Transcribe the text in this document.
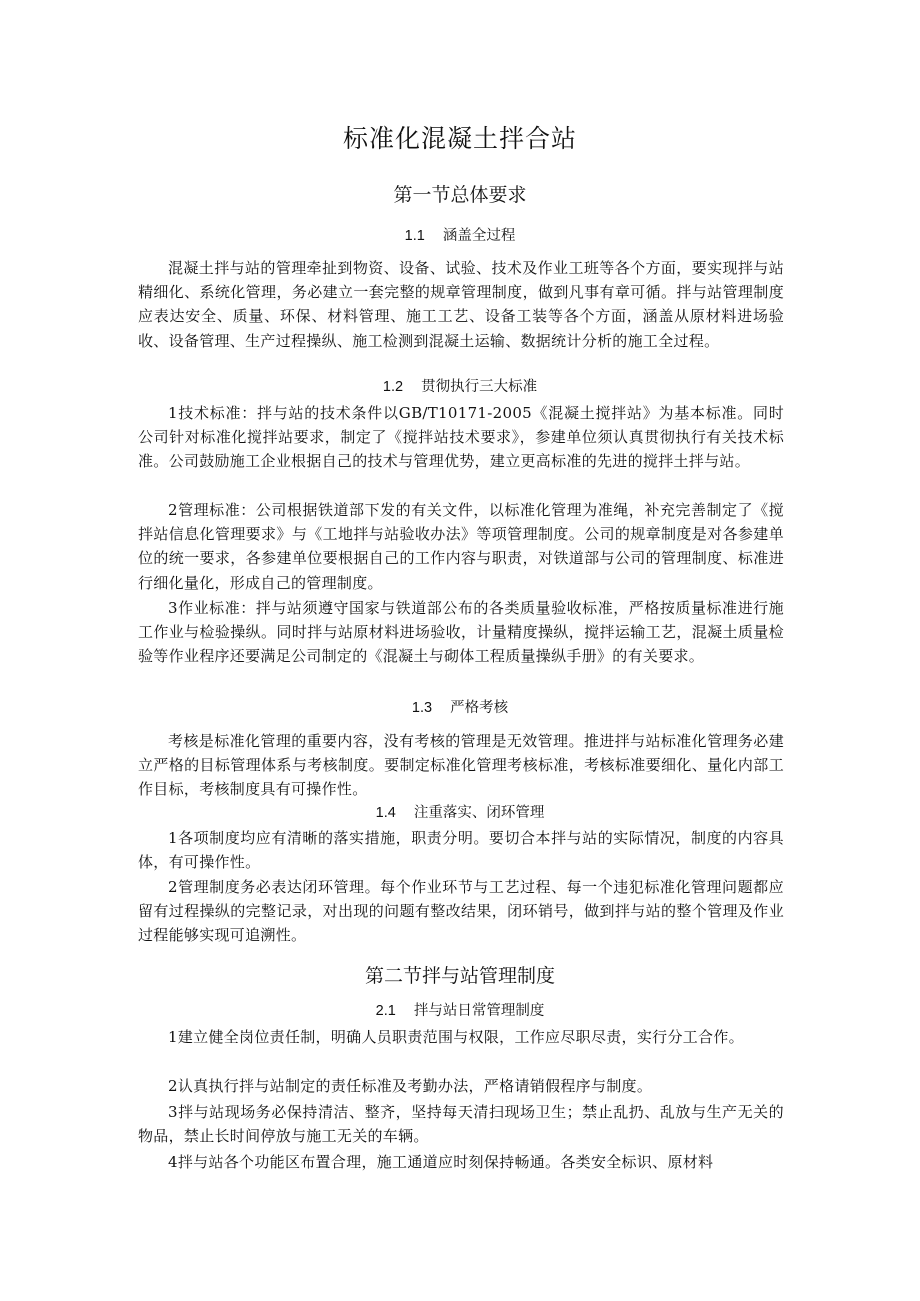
标准化混凝土拌合站
第一节总体要求
1.1 涵盖全过程
混凝土拌与站的管理牵扯到物资、设备、试验、技术及作业工班等各个方面，要实现拌与站精细化、系统化管理，务必建立一套完整的规章管理制度，做到凡事有章可循。拌与站管理制度应表达安全、质量、环保、材料管理、施工工艺、设备工装等各个方面，涵盖从原材料进场验收、设备管理、生产过程操纵、施工检测到混凝土运输、数据统计分析的施工全过程。
1.2 贯彻执行三大标准
1技术标准：拌与站的技术条件以GB/T10171-2005《混凝土搅拌站》为基本标准。同时公司针对标准化搅拌站要求，制定了《搅拌站技术要求》，参建单位须认真贯彻执行有关技术标准。公司鼓励施工企业根据自己的技术与管理优势，建立更高标准的先进的搅拌土拌与站。
2管理标准：公司根据铁道部下发的有关文件，以标准化管理为准绳，补充完善制定了《搅拌站信息化管理要求》与《工地拌与站验收办法》等项管理制度。公司的规章制度是对各参建单位的统一要求，各参建单位要根据自己的工作内容与职责，对铁道部与公司的管理制度、标准进行细化量化，形成自己的管理制度。
3作业标准：拌与站须遵守国家与铁道部公布的各类质量验收标准，严格按质量标准进行施工作业与检验操纵。同时拌与站原材料进场验收，计量精度操纵，搅拌运输工艺，混凝土质量检验等作业程序还要满足公司制定的《混凝土与砌体工程质量操纵手册》的有关要求。
1.3 严格考核
考核是标准化管理的重要内容，没有考核的管理是无效管理。推进拌与站标准化管理务必建立严格的目标管理体系与考核制度。要制定标准化管理考核标准，考核标准要细化、量化内部工作目标，考核制度具有可操作性。
1.4 注重落实、闭环管理
1各项制度均应有清晰的落实措施，职责分明。要切合本拌与站的实际情况，制度的内容具体，有可操作性。
2管理制度务必表达闭环管理。每个作业环节与工艺过程、每一个违犯标准化管理问题都应留有过程操纵的完整记录，对出现的问题有整改结果，闭环销号，做到拌与站的整个管理及作业过程能够实现可追溯性。
第二节拌与站管理制度
2.1 拌与站日常管理制度
1建立健全岗位责任制，明确人员职责范围与权限，工作应尽职尽责，实行分工合作。
2认真执行拌与站制定的责任标准及考勤办法，严格请销假程序与制度。
3拌与站现场务必保持清洁、整齐，坚持每天清扫现场卫生；禁止乱扔、乱放与生产无关的物品，禁止长时间停放与施工无关的车辆。
4拌与站各个功能区布置合理，施工通道应时刻保持畅通。各类安全标识、原材料
